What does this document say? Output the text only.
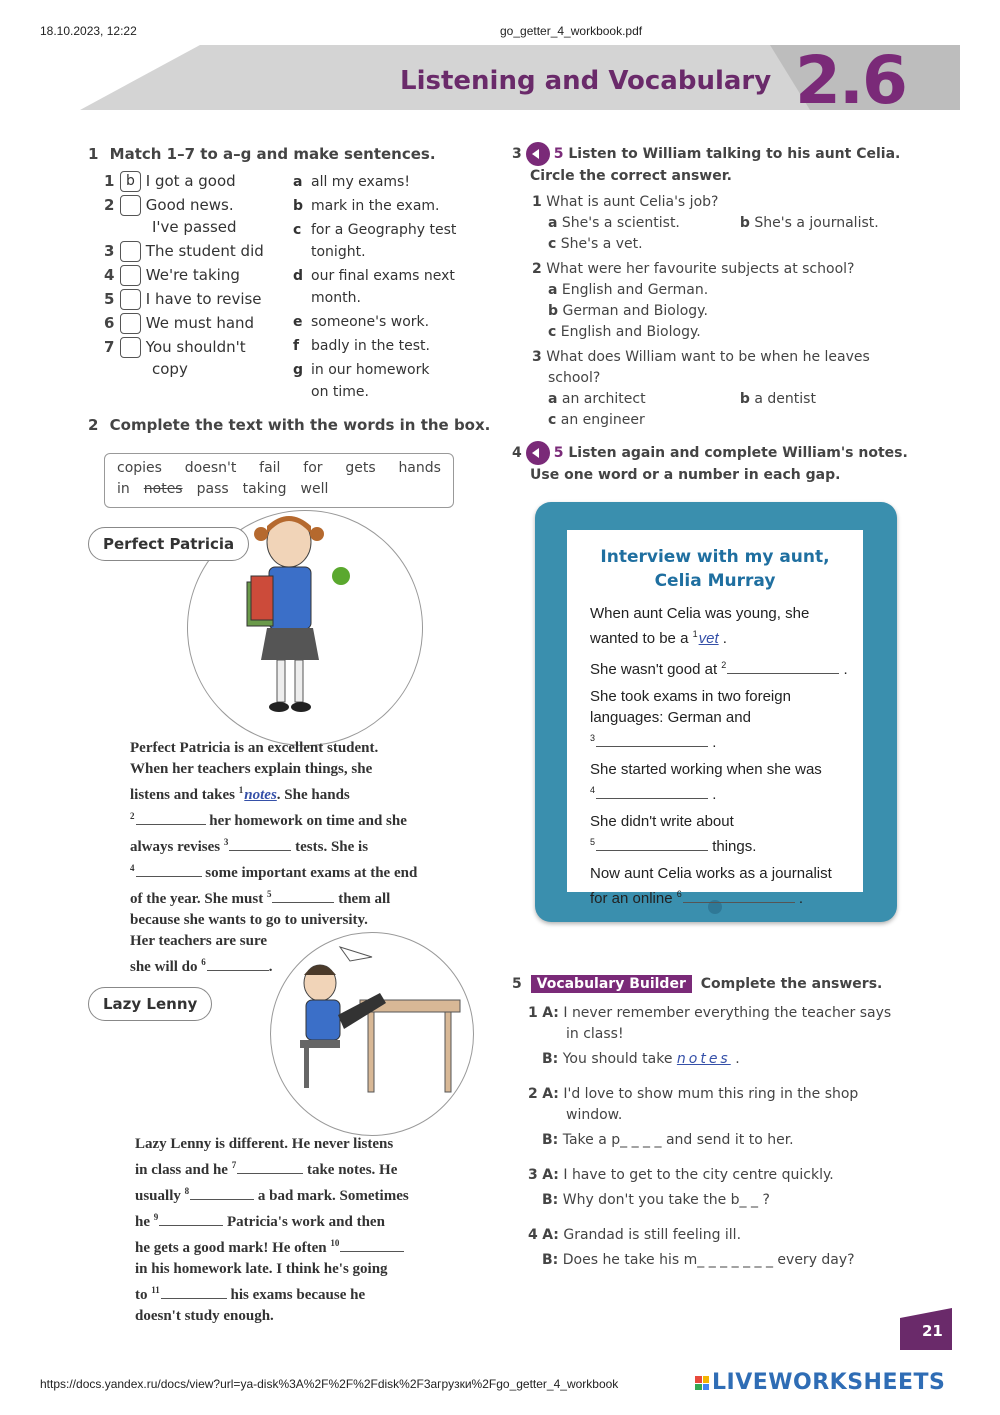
18.10.2023, 12:22	go_getter_4_workbook.pdf
Listening and Vocabulary 2.6
1 Match 1–7 to a–g and make sentences.
1 b I got a good
2 Good news.
I've passed
3 The student did
4 We're taking
5 I have to revise
6 We must hand
7 You shouldn't
copy
a all my exams!
b mark in the exam.
c for a Geography test
tonight.
d our final exams next
month.
e someone's work.
f badly in the test.
g in our homework
on time.
2 Complete the text with the words in the box.
copies doesn't fail for gets hands
in notes pass taking well
Perfect Patricia
Perfect Patricia is an excellent student.
When her teachers explain things, she
listens and takes $^1$notes. She hands
$^2$	her homework on time and she
always revises $^3$	tests. She is
$^4$	some important exams at the end
of the year. She must $^5$	them all
because she wants to go to university.
Her teachers are sure
she will do $^6$	.
Lazy Lenny
Lazy Lenny is different. He never listens
in class and he $^7$	take notes. He
usually $^8$	a bad mark. Sometimes
he $^9$	Patricia's work and then
he gets a good mark! He often $^{10}$
in his homework late. I think he's going
to $^{11}$	his exams because he
doesn't study enough.
3 5 Listen to William talking to his aunt Celia.
Circle the correct answer.
1 What is aunt Celia's job?
a She's a scientist.	b She's a journalist.
c She's a vet.
2 What were her favourite subjects at school?
a English and German.
b German and Biology.
c English and Biology.
3 What does William want to be when he leaves
school?
a an architect	b a dentist
c an engineer
4 5 Listen again and complete William's notes.
Use one word or a number in each gap.
Interview with my aunt,
Celia Murray
When aunt Celia was young, she
wanted to be a $^1$vet .
She wasn't good at $^2$	.
She took exams in two foreign
languages: German and
$^3$	.
She started working when she was
$^4$	.
She didn't write about
$^5$	things.
Now aunt Celia works as a journalist
for an online $^6$	.
5 Vocabulary Builder Complete the answers.
1 A: I never remember everything the teacher says
in class!
B: You should take notes .
2 A: I'd love to show mum this ring in the shop
window.
B: Take a p_ _ _ _ and send it to her.
3 A: I have to get to the city centre quickly.
B: Why don't you take the b_ _ ?
4 A: Grandad is still feeling ill.
B: Does he take his m_ _ _ _ _ _ _ every day?
21
https://docs.yandex.ru/docs/view?url=ya-disk%3A%2F%2F%2Fdisk%2F3агрузки%2Fgo_getter_4_workbook	LIVEWORKSHEETS
